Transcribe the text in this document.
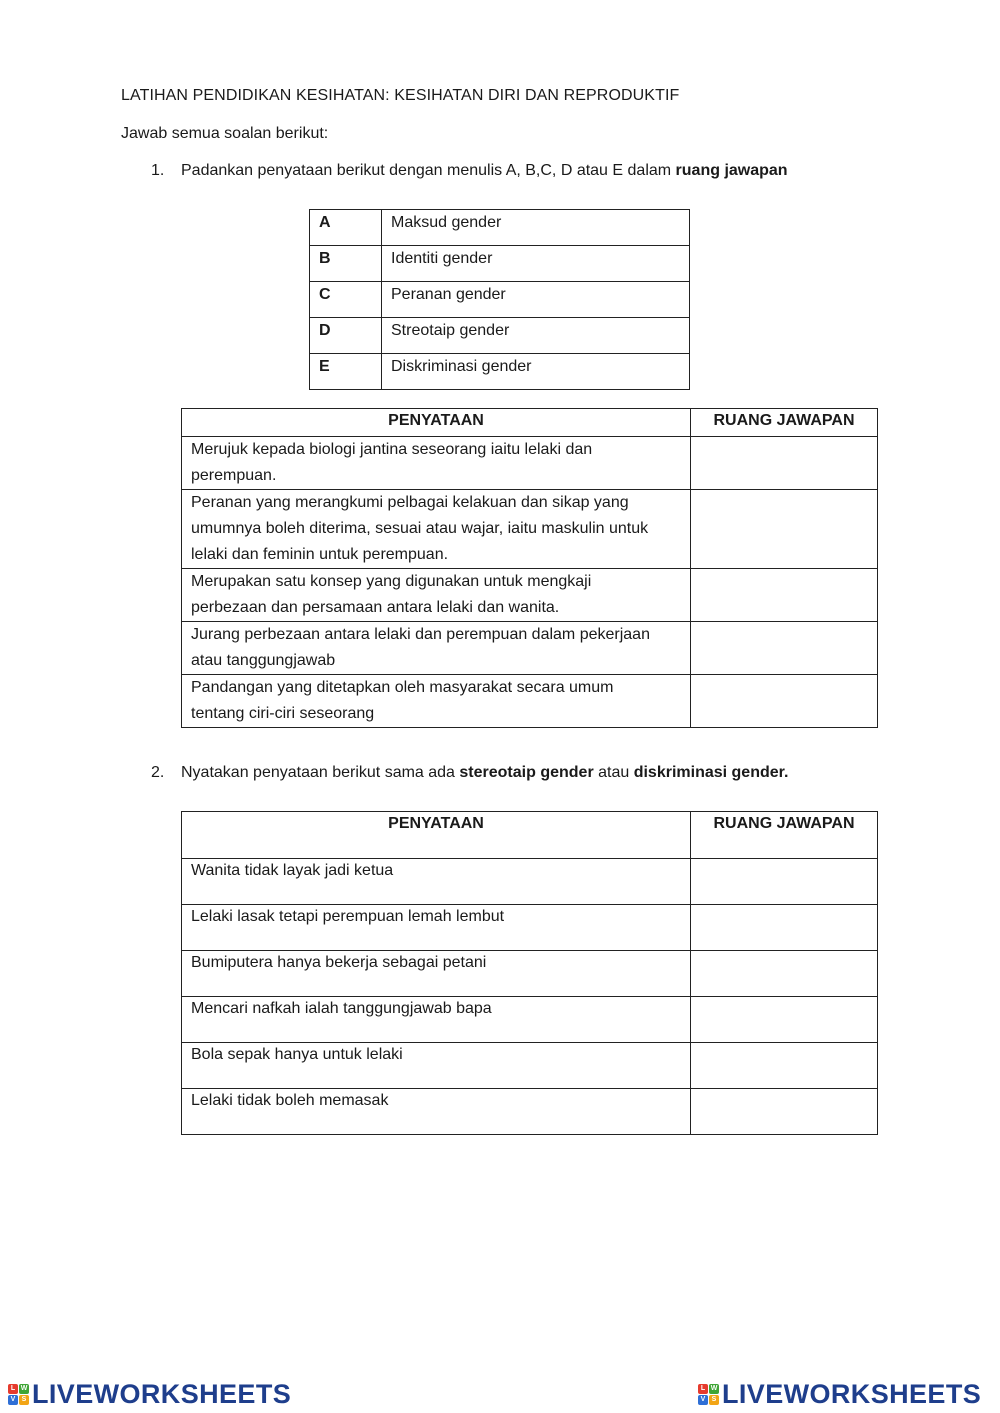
LATIHAN PENDIDIKAN KESIHATAN: KESIHATAN DIRI DAN REPRODUKTIF
Jawab semua soalan berikut:
1. Padankan penyataan berikut dengan menulis A, B,C, D atau E dalam ruang jawapan
A	Maksud gender
B	Identiti gender
C	Peranan gender
D	Streotaip gender
E	Diskriminasi gender
PENYATAAN	RUANG JAWAPAN

Merujuk kepada biologi jantina seseorang iaitu lelaki dan
perempuan.	

Peranan yang merangkumi pelbagai kelakuan dan sikap yang
umumnya boleh diterima, sesuai atau wajar, iaitu maskulin untuk
lelaki dan feminin untuk perempuan.	

Merupakan satu konsep yang digunakan untuk mengkaji
perbezaan dan persamaan antara lelaki dan wanita.	

Jurang perbezaan antara lelaki dan perempuan dalam pekerjaan
atau tanggungjawab	

Pandangan yang ditetapkan oleh masyarakat secara umum
tentang ciri-ciri seseorang	

2. Nyatakan penyataan berikut sama ada stereotaip gender atau diskriminasi gender.
PENYATAAN	RUANG JAWAPAN
Wanita tidak layak jadi ketua	
Lelaki lasak tetapi perempuan lemah lembut	
Bumiputera hanya bekerja sebagai petani	
Mencari nafkah ialah tanggungjawab bapa	
Bola sepak hanya untuk lelaki	
Lelaki tidak boleh memasak	
L W
V S LIVEWORKSHEETS	L W
V S LIVEWORKSHEETS
